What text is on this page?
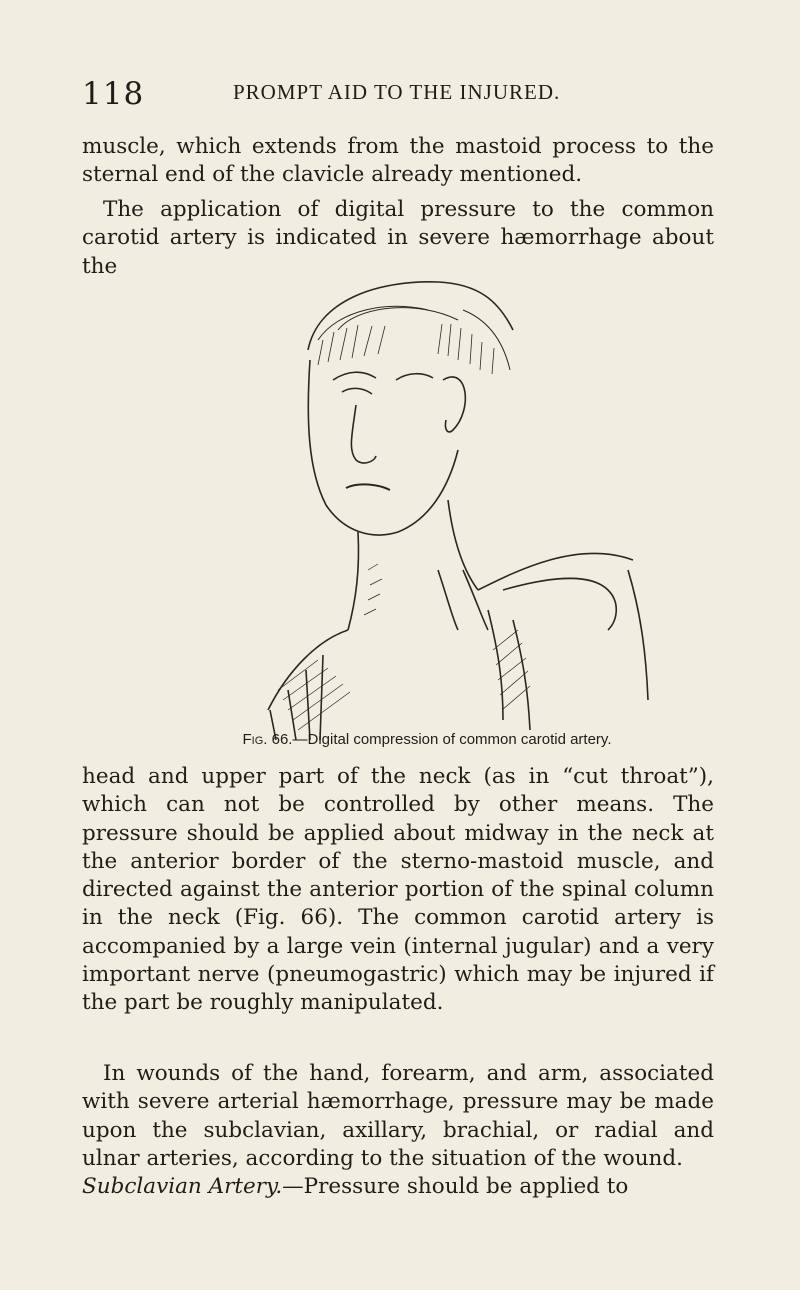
118	PROMPT AID TO THE INJURED.

muscle, which extends from the mastoid process to the sternal end of the clavicle already mentioned.

The application of digital pressure to the common carotid artery is indicated in severe hæmorrhage about the

Fig. 66.—Digital compression of common carotid artery.

head and upper part of the neck (as in “cut throat”), which can not be controlled by other means. The pressure should be applied about midway in the neck at the anterior border of the sterno-mastoid muscle, and directed against the anterior portion of the spinal column in the neck (Fig. 66). The common carotid artery is accompanied by a large vein (internal jugular) and a very important nerve (pneumogastric) which may be injured if the part be roughly manipulated.

In wounds of the hand, forearm, and arm, associated with severe arterial hæmorrhage, pressure may be made upon the subclavian, axillary, brachial, or radial and ulnar arteries, according to the situation of the wound.
Subclavian Artery.—Pressure should be applied to
